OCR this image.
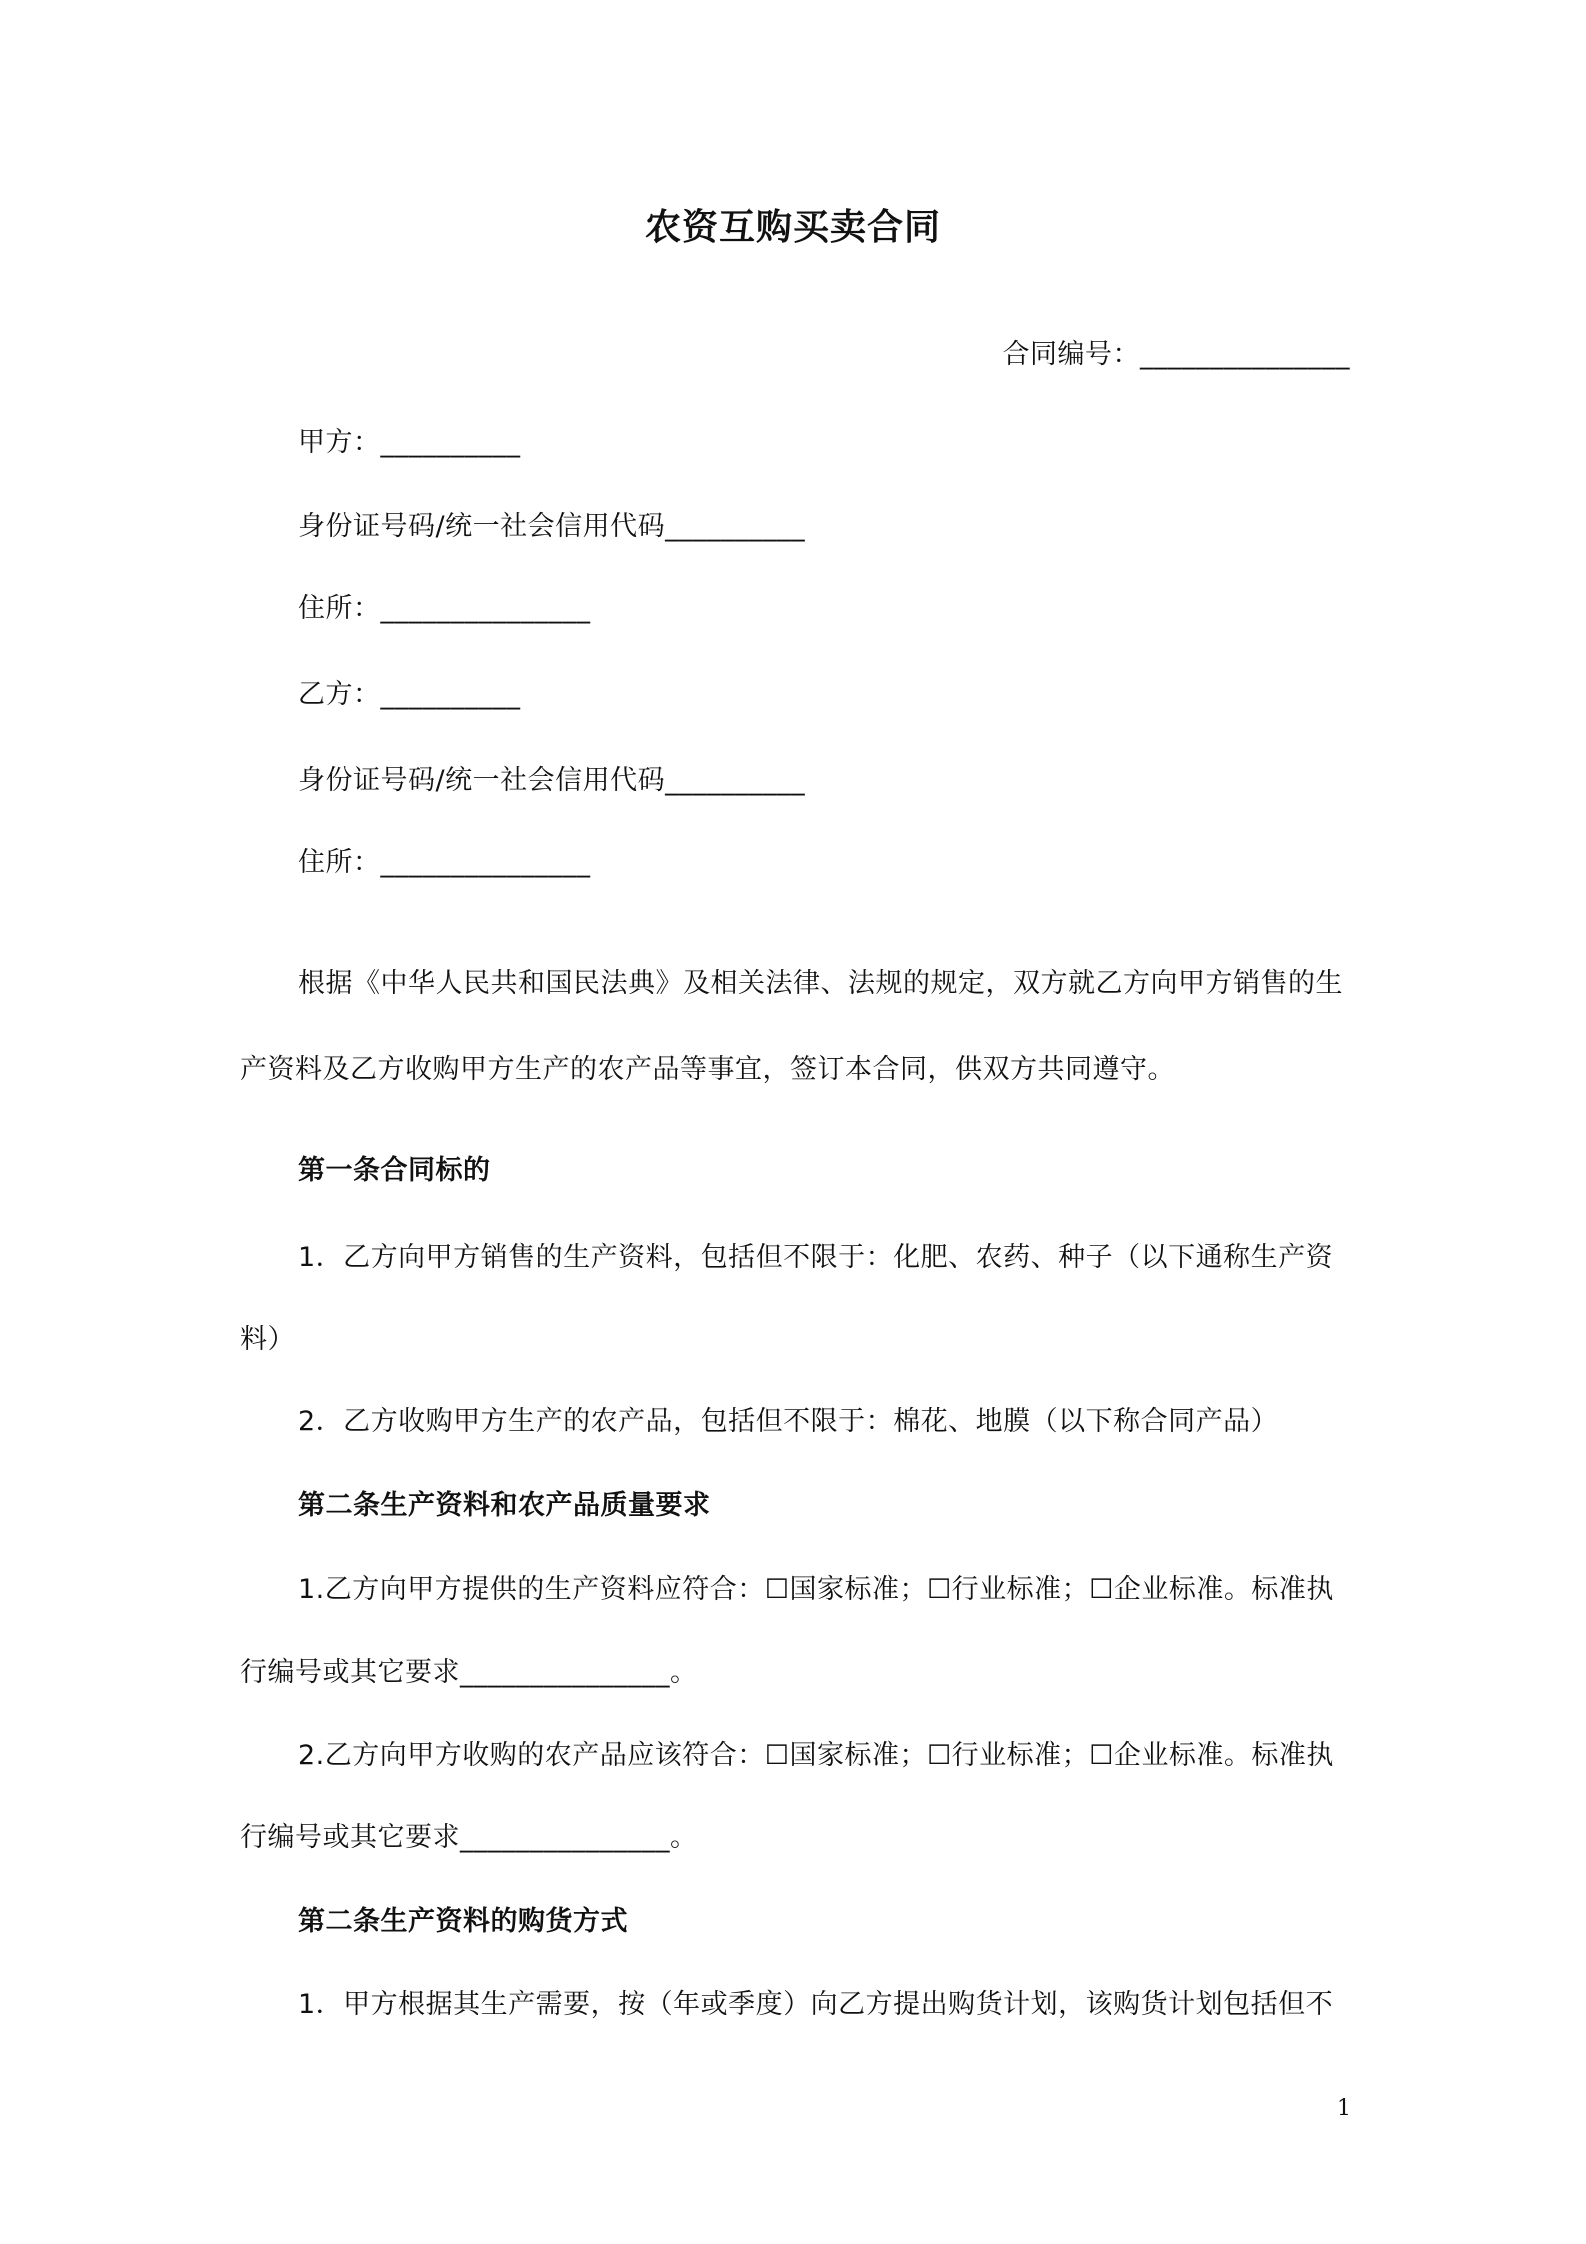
农资互购买卖合同
合同编号：_______________
甲方：__________
身份证号码/统一社会信用代码__________
住所：_______________
乙方：__________
身份证号码/统一社会信用代码__________
住所：_______________
根据《中华人民共和国民法典》及相关法律、法规的规定，双方就乙方向甲方销售的生
产资料及乙方收购甲方生产的农产品等事宜，签订本合同，供双方共同遵守。
第一条合同标的
1．乙方向甲方销售的生产资料，包括但不限于：化肥、农药、种子（以下通称生产资
料）
2．乙方收购甲方生产的农产品，包括但不限于：棉花、地膜（以下称合同产品）
第二条生产资料和农产品质量要求
1.乙方向甲方提供的生产资料应符合：☐国家标准；☐行业标准；☐企业标准。标准执
行编号或其它要求_______________。
2.乙方向甲方收购的农产品应该符合：☐国家标准；☐行业标准；☐企业标准。标准执
行编号或其它要求_______________。
第二条生产资料的购货方式
1．甲方根据其生产需要，按（年或季度）向乙方提出购货计划，该购货计划包括但不
1
